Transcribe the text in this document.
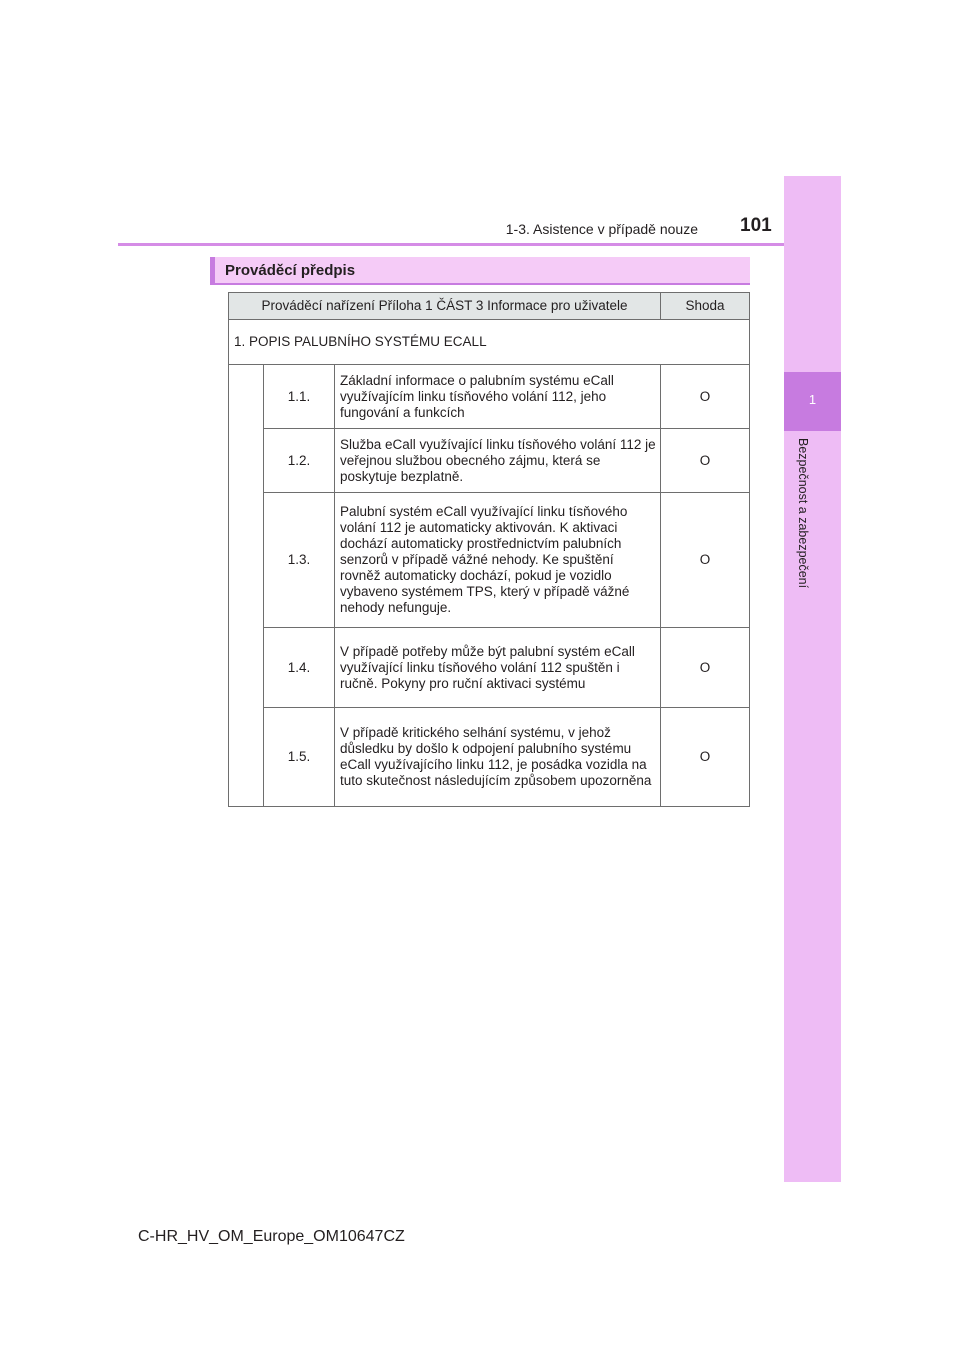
1-3. Asistence v případě nouze 101
1
Bezpečnost a zabezpečení
Prováděcí předpis
Prováděcí nařízení Příloha 1 ČÁST 3 Informace pro uživatele			Shoda
1. POPIS PALUBNÍHO SYSTÉMU ECALL			
	1.1.	Základní informace o palubním systému eCall využívajícím linku tísňového volání 112, jeho fungování a funkcích	O
	1.2.	Služba eCall využívající linku tísňového volání 112 je veřejnou službou obecného zájmu, která se poskytuje bezplatně.	O
	1.3.	Palubní systém eCall využívající linku tísňového volání 112 je automaticky aktivován. K aktivaci dochází automaticky prostřednictvím palubních senzorů v případě vážné nehody. Ke spuštění rovněž automaticky dochází, pokud je vozidlo vybaveno systémem TPS, který v případě vážné nehody nefunguje.	O
	1.4.	V případě potřeby může být palubní systém eCall využívající linku tísňového volání 112 spuštěn i ručně. Pokyny pro ruční aktivaci systému	O
	1.5.	V případě kritického selhání systému, v jehož důsledku by došlo k odpojení palubního systému eCall využívajícího linku 112, je posádka vozidla na tuto skutečnost následujícím způsobem upozorněna	O
C-HR_HV_OM_Europe_OM10647CZ
